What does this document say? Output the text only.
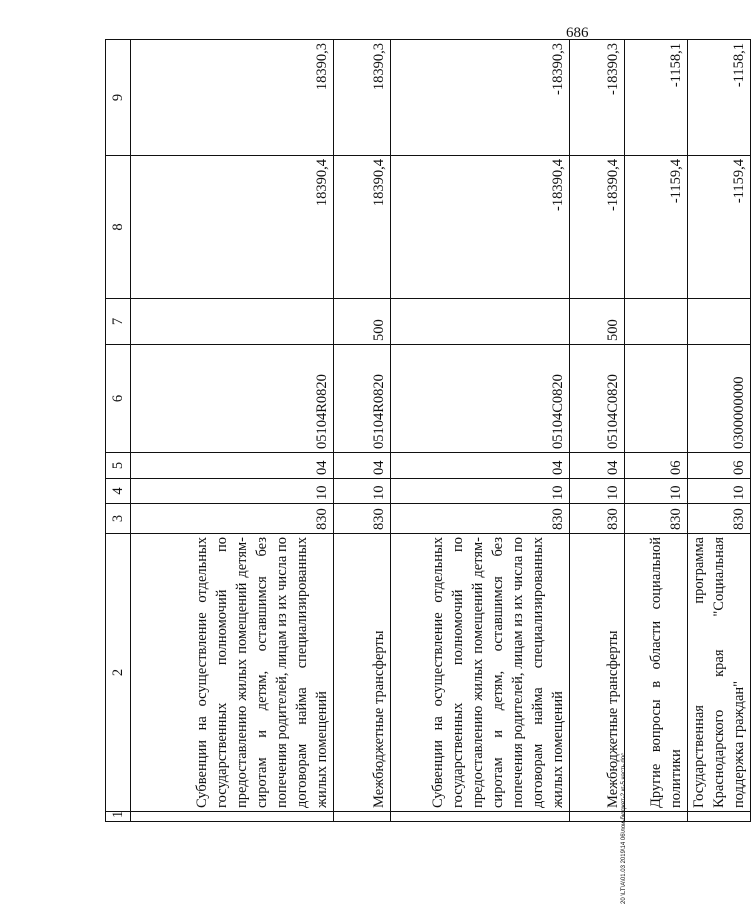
686
1	2	3	4	5	6	7	8	9
	Субвенции на осуществление отдельных государственных полномочий по предоставлению жилых помещений детям-сиротам и детям, оставшимся без попечения родителей, лицам из их числа по договорам найма специализированных жилых помещений	830	10	04	05104R0820		18390,4	18390,3
	Межбюджетные трансферты	830	10	04	05104R0820	500	18390,4	18390,3
	Субвенции на осуществление отдельных государственных полномочий по предоставлению жилых помещений детям-сиротам и детям, оставшимся без попечения родителей, лицам из их числа по договорам найма специализированных жилых помещений	830	10	04	05104C0820		-18390,4	-18390,3
	Межбюджетные трансферты	830	10	04	05104C0820	500	-18390,4	-18390,3
	Другие вопросы в области социальной политики	830	10	06			-1159,4	-1158,1
	Государственная программа Краснодарского края "Социальная поддержка граждан"	830	10	06	0300000000		-1159,4	-1158,1
20 \LT\A\01.03 2019\14 06\лои-бюджет-2 кг-5 часть.doc
